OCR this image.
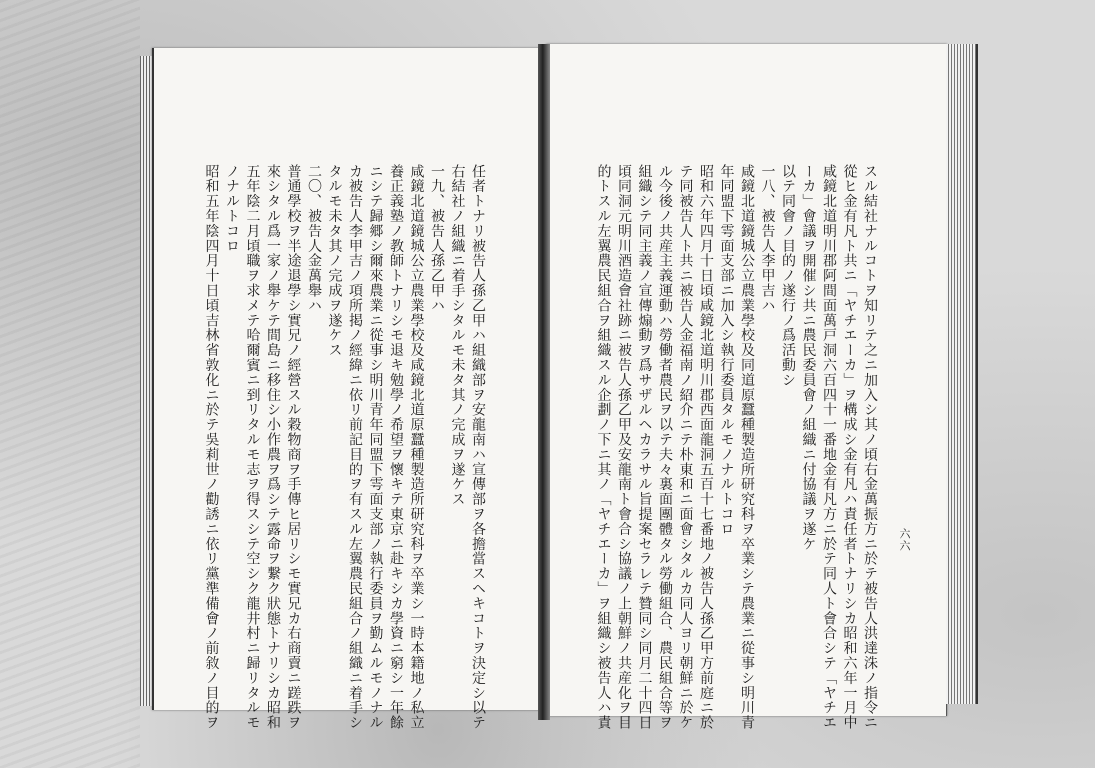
六六
スル結社ナルコトヲ知リテ之ニ加入シ其ノ頃右金萬振方ニ於テ被告人洪達洙ノ指令ニ
從ヒ金有凡ト共ニ「ヤチエーカ」ヲ構成シ金有凡ハ責任者トナリシカ昭和六年一月中
咸鏡北道明川郡阿間面萬戸洞六百四十一番地金有凡方ニ於テ同人ト會合シテ「ヤチエ
ーカ」會議ヲ開催シ共ニ農民委員會ノ組織ニ付協議ヲ遂ケ
以テ同會ノ目的ノ遂行ノ爲活動シ
一八、被告人李甲吉ハ
咸鏡北道鏡城公立農業學校及同道原蠶種製造所研究科ヲ卒業シテ農業ニ從事シ明川青
年同盟下雩面支部ニ加入シ執行委員タルモノナルトコロ
昭和六年四月十日頃咸鏡北道明川郡西面龍洞五百十七番地ノ被告人孫乙甲方前庭ニ於
テ同被告人ト共ニ被告人金福南ノ紹介ニテ朴東和ニ面會シタルカ同人ヨリ朝鮮ニ於ケ
ル今後ノ共産主義運動ハ勞働者農民ヲ以テ夫々裏面團體タル勞働組合、農民組合等ヲ
組織シテ同主義ノ宣傳煽動ヲ爲サザルヘカラサル旨提案セラレテ贊同シ同月二十四日
頃同洞元明川酒造會社跡ニ被告人孫乙甲及安龍南ト會合シ協議ノ上朝鮮ノ共産化ヲ目
的トスル左翼農民組合ヲ組織スル企劃ノ下ニ其ノ「ヤチエーカ」ヲ組織シ被告人ハ責
任者トナリ被告人孫乙甲ハ組織部ヲ安龍南ハ宣傳部ヲ各擔當スヘキコトヲ決定シ以テ
右結社ノ組織ニ着手シタルモ未タ其ノ完成ヲ遂ケス
一九、被告人孫乙甲ハ
咸鏡北道鏡城公立農業學校及咸鏡北道原蠶種製造所研究科ヲ卒業シ一時本籍地ノ私立
養正義塾ノ教師トナリシモ退キ勉學ノ希望ヲ懷キテ東京ニ赴キシカ學資ニ窮シ一年餘
ニシテ歸郷シ爾來農業ニ從事シ明川青年同盟下雩面支部ノ執行委員ヲ勤ムルモノナル
カ被告人李甲吉ノ項所掲ノ經緯ニ依リ前記目的ヲ有スル左翼農民組合ノ組織ニ着手シ
タルモ未タ其ノ完成ヲ遂ケス
二〇、被告人金萬舉ハ
普通學校ヲ半途退學シ實兄ノ經營スル穀物商ヲ手傳ヒ居リシモ實兄カ右商賣ニ蹉跌ヲ
來シタル爲一家ノ舉ケテ間島ニ移住シ小作農ヲ爲シテ露命ヲ繋ク狀態トナリシカ昭和
五年陰二月頃職ヲ求メテ哈爾賓ニ到リタルモ志ヲ得スシテ空シク龍井村ニ歸リタルモ
ノナルトコロ
昭和五年陰四月十日頃吉林省敦化ニ於テ吳莉世ノ勸誘ニ依リ黨準備會ノ前敘ノ目的ヲ
